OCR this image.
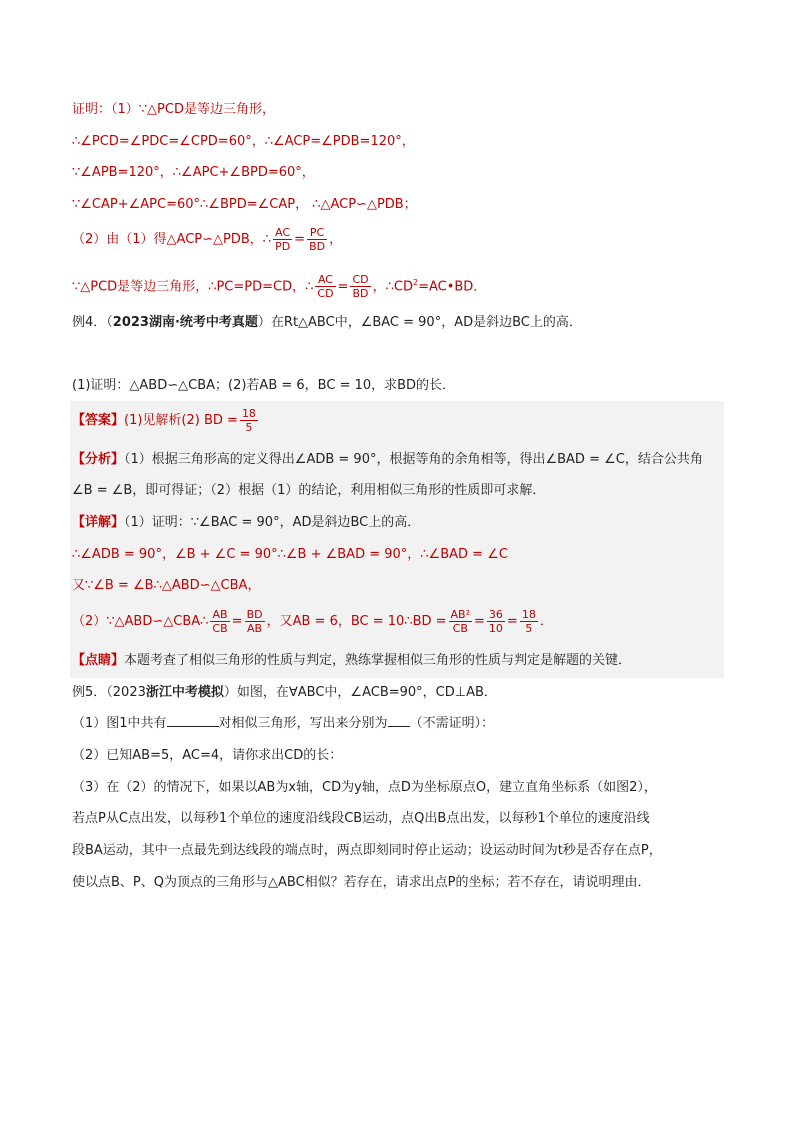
证明：（1）∵△PCD是等边三角形，
∴∠PCD=∠PDC=∠CPD=60°，∴∠ACP=∠PDB=120°，
∵∠APB=120°，∴∠APC+∠BPD=60°，
∵∠CAP+∠APC=60°∴∠BPD=∠CAP， ∴△ACP∽△PDB；
（2）由（1）得△ACP∽△PDB，∴ $\frac{AC}{PD} = \frac{PC}{BD}$ ，
∵△PCD是等边三角形，∴PC=PD=CD，∴ $\frac{AC}{CD} = \frac{CD}{BD}$ ，$\therefore CD^2=AC•BD$．
例4．（2023湖南·统考中考真题）在Rt△ABC中，∠BAC = 90°，AD是斜边BC上的高．
(1)证明：△ABD∽△CBA；(2)若AB = 6，BC = 10，求BD的长．
【答案】(1)见解析(2) BD = $\frac{18}{5}$
【分析】（1）根据三角形高的定义得出∠ADB = 90°，根据等角的余角相等，得出∠BAD = ∠C，结合公共角
∠B = ∠B，即可得证；（2）根据（1）的结论，利用相似三角形的性质即可求解．
【详解】（1）证明：∵∠BAC = 90°，AD是斜边BC上的高．
∴∠ADB = 90°，∠B + ∠C = 90°∴∠B + ∠BAD = 90°，∴∠BAD = ∠C
又∵∠B = ∠B∴△ABD∽△CBA，
（2）∵△ABD∽△CBA∴ $\frac{AB}{CB} = \frac{BD}{AB}$ ，又AB = 6，BC = 10∴BD = $\frac{\text{AB²}}{CB} = \frac{36}{10} = \frac{18}{5}$ ．
【点睛】本题考查了相似三角形的性质与判定，熟练掌握相似三角形的性质与判定是解题的关键．
例5．（2023浙江中考模拟）如图，在∀ABC中，∠ACB=90°，CD⊥AB．
（1）图1中共有	对相似三角形，写出来分别为 （不需证明）：
（2）已知AB=5，AC=4，请你求出CD的长：
（3）在（2）的情况下，如果以AB为x轴，CD为y轴，点D为坐标原点O，建立直角坐标系（如图2），
若点P从C点出发，以每秒1个单位的速度沿线段CB运动，点Q出B点出发，以每秒1个单位的速度沿线
段BA运动，其中一点最先到达线段的端点时，两点即刻同时停止运动；设运动时间为t秒是否存在点P，
使以点B、P、Q为顶点的三角形与△ABC相似？若存在，请求出点P的坐标；若不存在，请说明理由．
